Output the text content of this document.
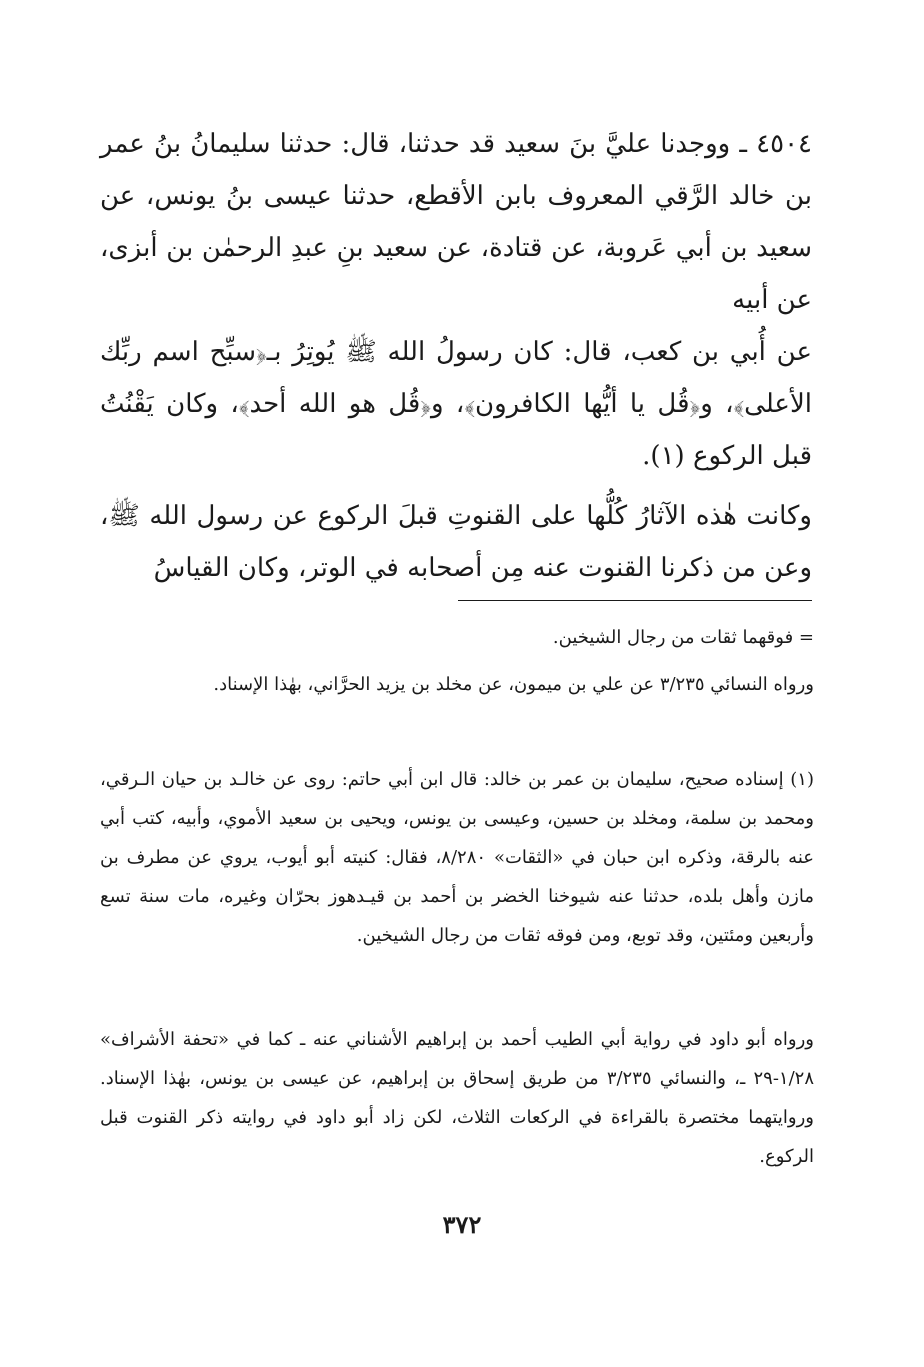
٤٥٠٤ ـ ووجدنا عليَّ بنَ سعيد قد حدثنا، قال: حدثنا سليمانُ بنُ عمر بن خالد الرَّقي المعروف بابن الأقطع، حدثنا عيسى بنُ يونس، عن سعيد بن أبي عَروبة، عن قتادة، عن سعيد بنِ عبدِ الرحمٰن بن أبزى، عن أبيه

عن أُبي بن كعب، قال: كان رسولُ الله ﷺ يُوتِرُ بـ﴿سبِّح اسم ربِّك الأعلى﴾، و﴿قُل يا أيُّها الكافرون﴾، و﴿قُل هو الله أحد﴾، وكان يَقْنُتُ قبل الركوع (١).

وكانت هٰذه الآثارُ كُلُّها على القنوتِ قبلَ الركوع عن رسول الله ﷺ، وعن من ذكرنا القنوت عنه مِن أصحابه في الوتر، وكان القياسُ

= فوقهما ثقات من رجال الشيخين.

ورواه النسائي ٣/٢٣٥ عن علي بن ميمون، عن مخلد بن يزيد الحرَّاني، بهٰذا الإسناد.

(١) إسناده صحيح، سليمان بن عمر بن خالد: قال ابن أبي حاتم: روى عن خالـد بن حيان الـرقي، ومحمد بن سلمة، ومخلد بن حسين، وعيسى بن يونس، ويحيى بن سعيد الأموي، وأبيه، كتب أبي عنه بالرقة، وذكره ابن حبان في «الثقات» ٨/٢٨٠، فقال: كنيته أبو أيوب، يروي عن مطرف بن مازن وأهل بلده، حدثنا عنه شيوخنا الخضر بن أحمد بن قيـدهوز بحرّان وغيره، مات سنة تسع وأربعين ومئتين، وقد توبع، ومن فوقه ثقات من رجال الشيخين.

ورواه أبو داود في رواية أبي الطيب أحمد بن إبراهيم الأشناني عنه ـ كما في «تحفة الأشراف» ١/٢٨-٢٩ ـ، والنسائي ٣/٢٣٥ من طريق إسحاق بن إبراهيم، عن عيسى بن يونس، بهٰذا الإسناد. وروايتهما مختصرة بالقراءة في الركعات الثلاث، لكن زاد أبو داود في روايته ذكر القنوت قبل الركوع.

٣٧٢
